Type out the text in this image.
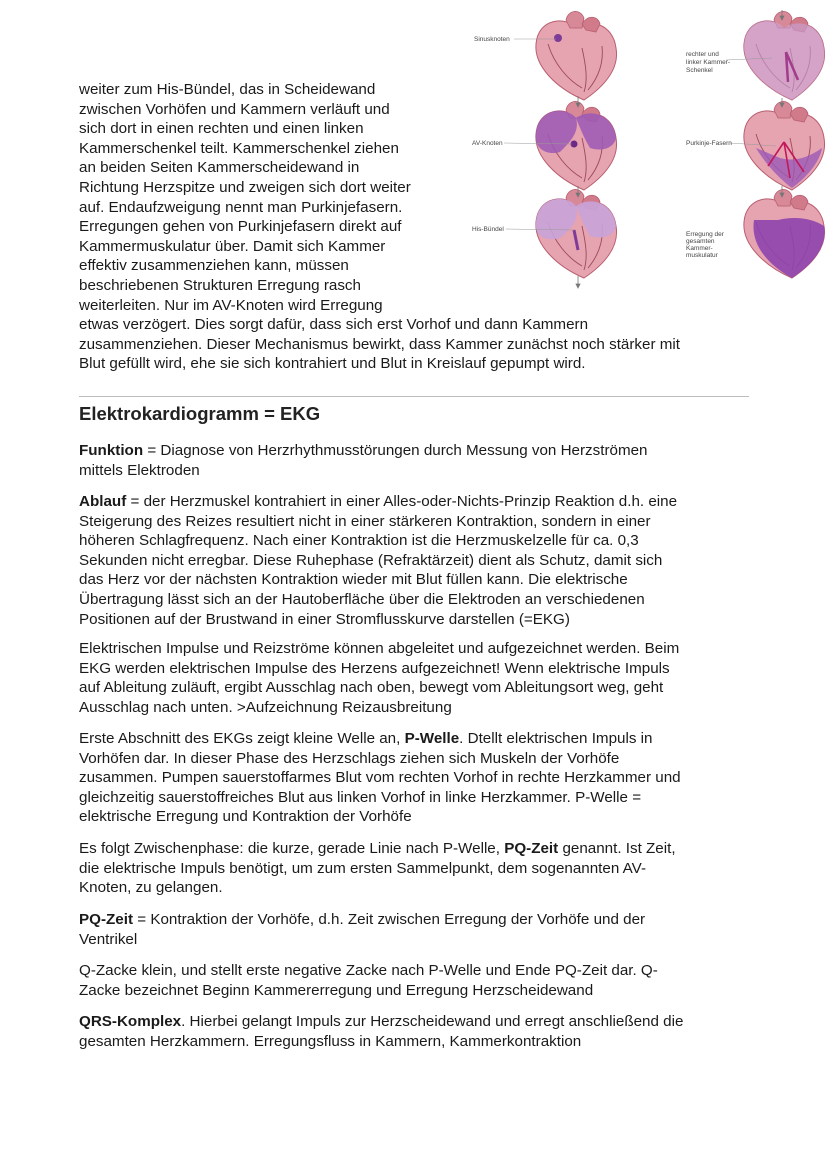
weiter zum His-Bündel, das in Scheidewand
zwischen Vorhöfen und Kammern verläuft und
sich dort in einen rechten und einen linken
Kammerschenkel teilt. Kammerschenkel ziehen
an beiden Seiten Kammerscheidewand in
Richtung Herzspitze und zweigen sich dort weiter
auf. Endaufzweigung nennt man Purkinjefasern.
Erregungen gehen von Purkinjefasern direkt auf
Kammermuskulatur über. Damit sich Kammer
effektiv zusammenziehen kann, müssen
beschriebenen Strukturen Erregung rasch
weiterleiten. Nur im AV-Knoten wird Erregung
etwas verzögert. Dies sorgt dafür, dass sich erst Vorhof und dann Kammern
zusammenziehen. Dieser Mechanismus bewirkt, dass Kammer zunächst noch stärker mit
Blut gefüllt wird, ehe sie sich kontrahiert und Blut in Kreislauf gepumpt wird.
Sinusknoten
AV-Knoten
His-Bündel
rechter und
linker Kammer-
Schenkel
Purkinje-Fasern
Erregung der
gesamten
Kammer-
muskulatur
Elektrokardiogramm = EKG
Funktion = Diagnose von Herzrhythmusstörungen durch Messung von Herzströmen
mittels Elektroden
Ablauf = der Herzmuskel kontrahiert in einer Alles-oder-Nichts-Prinzip Reaktion d.h. eine
Steigerung des Reizes resultiert nicht in einer stärkeren Kontraktion, sondern in einer
höheren Schlagfrequenz. Nach einer Kontraktion ist die Herzmuskelzelle für ca. 0,3
Sekunden nicht erregbar. Diese Ruhephase (Refraktärzeit) dient als Schutz, damit sich
das Herz vor der nächsten Kontraktion wieder mit Blut füllen kann. Die elektrische
Übertragung lässt sich an der Hautoberfläche über die Elektroden an verschiedenen
Positionen auf der Brustwand in einer Stromflusskurve darstellen (=EKG)
Elektrischen Impulse und Reizströme können abgeleitet und aufgezeichnet werden. Beim
EKG werden elektrischen Impulse des Herzens aufgezeichnet! Wenn elektrische Impuls
auf Ableitung zuläuft, ergibt Ausschlag nach oben, bewegt vom Ableitungsort weg, geht
Ausschlag nach unten. >Aufzeichnung Reizausbreitung
Erste Abschnitt des EKGs zeigt kleine Welle an, P-Welle. Dtellt elektrischen Impuls in
Vorhöfen dar. In dieser Phase des Herzschlags ziehen sich Muskeln der Vorhöfe
zusammen. Pumpen sauerstoffarmes Blut vom rechten Vorhof in rechte Herzkammer und
gleichzeitig sauerstoffreiches Blut aus linken Vorhof in linke Herzkammer. P-Welle =
elektrische Erregung und Kontraktion der Vorhöfe
Es folgt Zwischenphase: die kurze, gerade Linie nach P-Welle, PQ-Zeit genannt. Ist Zeit,
die elektrische Impuls benötigt, um zum ersten Sammelpunkt, dem sogenannten AV-
Knoten, zu gelangen.
PQ-Zeit = Kontraktion der Vorhöfe, d.h. Zeit zwischen Erregung der Vorhöfe und der
Ventrikel
Q-Zacke klein, und stellt erste negative Zacke nach P-Welle und Ende PQ-Zeit dar. Q-
Zacke bezeichnet Beginn Kammererregung und Erregung Herzscheidewand
QRS-Komplex. Hierbei gelangt Impuls zur Herzscheidewand und erregt anschließend die
gesamten Herzkammern. Erregungsfluss in Kammern, Kammerkontraktion
